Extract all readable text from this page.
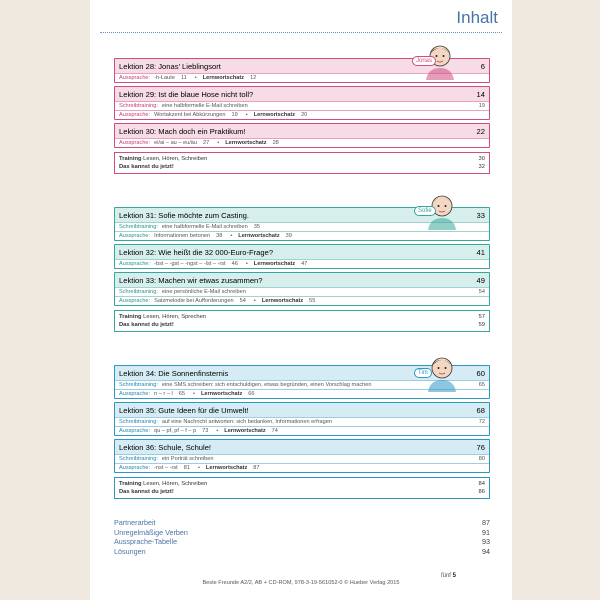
Inhalt
Lektion 28: Jonas’ Lieblingsort	6
Aussprache: -h-Laute 11 • Lernwortschatz 12
Lektion 29: Ist die blaue Hose nicht toll?	14
Schreibtraining: eine halbformelle E-Mail schreiben	19
Aussprache: Wortakzent bei Abkürzungen 19 • Lernwortschatz 20
Lektion 30: Mach doch ein Praktikum!	22
Aussprache: ei/ai – au – eu/äu 27 • Lernwortschatz 28
Training Lesen, Hören, Schreiben	30
Das kannst du jetzt!	32
Lektion 31: Sofie möchte zum Casting.	33
Schreibtraining: eine halbformelle E-Mail schreiben 35
Aussprache: Informationen betonen 38 • Lernwortschatz 39
Lektion 32: Wie heißt die 32 000-Euro-Frage?	41
Aussprache: -bst – -gst – -ngst – -lst – -rst 46 • Lernwortschatz 47
Lektion 33: Machen wir etwas zusammen?	49
Schreibtraining: eine persönliche E-Mail schreiben	54
Aussprache: Satzmelodie bei Aufforderungen 54 • Lernwortschatz 55
Training Lesen, Hören, Sprechen	57
Das kannst du jetzt!	59
Lektion 34: Die Sonnenfinsternis	60
Schreibtraining: eine SMS schreiben: sich entschuldigen, etwas begründen, einen Vorschlag machen	65
Aussprache: n – r – l 65 • Lernwortschatz 66
Lektion 35: Gute Ideen für die Umwelt!	68
Schreibtraining: auf eine Nachricht antworten: sich bedanken, Informationen erfragen	72
Aussprache: qu – pf, pf – f – p 73 • Lernwortschatz 74
Lektion 36: Schule, Schule!	76
Schreibtraining: ein Porträt schreiben	80
Aussprache: -nst – -rst 81 • Lernwortschatz 87
Training Lesen, Hören, Schreiben	84
Das kannst du jetzt!	86
Partnerarbeit	87
Unregelmäßige Verben	91
Aussprache-Tabelle	93
Lösungen	94
fünf 5
Beste Freunde A2/2, AB + CD-ROM, 978-3-19-561052-0 © Hueber Verlag 2015
Jonas
Sofie
Tim
